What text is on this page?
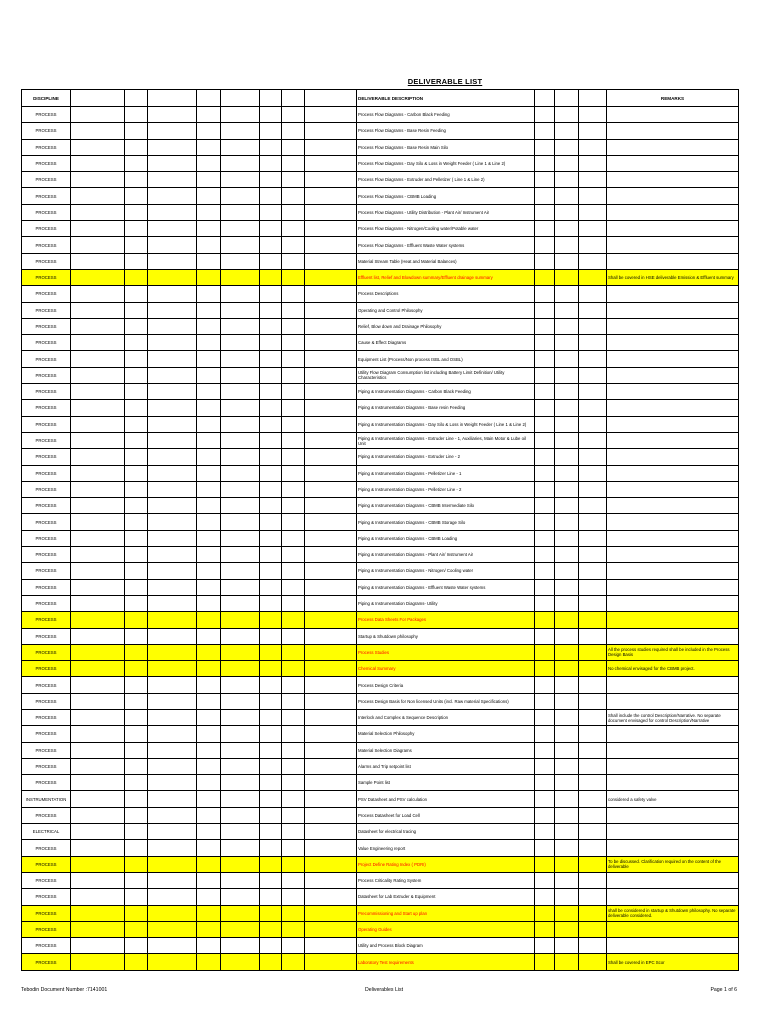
DELIVERABLE LIST
DISCIPLINE									DELIVERABLE DESCRIPTION				REMARKS
PROCESS									Process Flow Diagrams - Carbon Black Feeding				
PROCESS									Process Flow Diagrams - Base Resin Feeding				
PROCESS									Process Flow Diagrams - Base Resin Main Silo				
PROCESS									Process Flow Diagrams - Day Silo & Loss in Weight Feeder ( Line 1 & Line 2)				
PROCESS									Process Flow Diagrams - Extruder and Pelletizer ( Line 1 & Line 2)				
PROCESS									Process Flow Diagrams - CBMB Loading				
PROCESS									Process Flow Diagrams - Utility Distribution - Plant Air/ Instrument Air				
PROCESS									Process Flow Diagrams - Nitrogen/Cooling water/Potable water				
PROCESS									Process Flow Diagrams - Effluent Waste Water systems				
PROCESS									Material Stream Table (Heat and Material Balances)				
PROCESS									Effluent list, Relief and Blowdown summary/Effluent drainage summary				Shall be covered in HSE deliverable Emission & Effluent summary
PROCESS									Process Descriptions				
PROCESS									Operating and Control Philosophy				
PROCESS									Relief, Blow down and Drainage Philosophy				
PROCESS									Cause & Effect Diagrams				
PROCESS									Equipment List (Process/Non process ISBL and OSBL)				
PROCESS									Utility Flow Diagram Consumption list including Battery Limit Definition/ Utility Characteristics				
PROCESS									Piping & Instrumentation Diagrams - Carbon Black Feeding				
PROCESS									Piping & Instrumentation Diagrams - Base resin Feeding				
PROCESS									Piping & Instrumentation Diagrams - Day Silo & Loss in Weight Feeder ( Line 1 & Line 2)				
PROCESS									Piping & Instrumentation Diagrams - Extruder Line - 1, Auxiliaries, Main Motor & Lube oil Unit				
PROCESS									Piping & Instrumentation Diagrams - Extruder Line - 2				
PROCESS									Piping & Instrumentation Diagrams - Pelletizer Line - 1				
PROCESS									Piping & Instrumentation Diagrams - Pelletizer Line - 2				
PROCESS									Piping & Instrumentation Diagrams - CBMB Intermediate Silo				
PROCESS									Piping & Instrumentation Diagrams - CBMB Storage Silo				
PROCESS									Piping & Instrumentation Diagrams - CBMB Loading				
PROCESS									Piping & Instrumentation Diagrams - Plant Air/ Instrument Air				
PROCESS									Piping & Instrumentation Diagrams - Nitrogen/ Cooling water				
PROCESS									Piping & Instrumentation Diagrams - Effluent Waste Water systems				
PROCESS									Piping & Instrumentation Diagrams- Utility				
PROCESS									Process Data Sheets For Packages				
PROCESS									Startup & Shutdown philosophy				
PROCESS									Process Studies				All the process studies required shall be included in the Process Design Basis
PROCESS									Chemical Summary				No chemical envisaged for the CBMB project.
PROCESS									Process Design Criteria				
PROCESS									Process Design Basis for Non licensed Units (incl. Raw material Specifications)				
PROCESS									Interlock and Complex & Sequence Description				Shall include the control Description/Narrative. No separate document envisaged for control Description/Narrative
PROCESS									Material Selection Philosophy				
PROCESS									Material Selection Diagrams				
PROCESS									Alarms and Trip setpoint list				
PROCESS									Sample Point list				
INSTRUMENTATION									PSV Datasheet and PSV calculation				considered a safety valve
PROCESS									Process Datasheet for Load Cell				
ELECTRICAL									Datasheet for electrical tracing				
PROCESS									Value Engineering report				
PROCESS									Project Define Rating Index ( PDRI)				To be discussed. Clarification required on the content of the deliverable
PROCESS									Process Criticality Rating System				
PROCESS									Datasheet for Lab Extruder & Equipment				
PROCESS									Precommissioning and Start up plan				shall be considered in startup & Shutdown philosophy. No separate deliverable considered.
PROCESS									Operating Guides				
PROCESS									Utility and Process Block Diagram				
PROCESS									Laboratory Test requirements				Shall be covered in EPC Scor
Tebodin Document Number :7141001	Deliverables List	Page 1 of 6
